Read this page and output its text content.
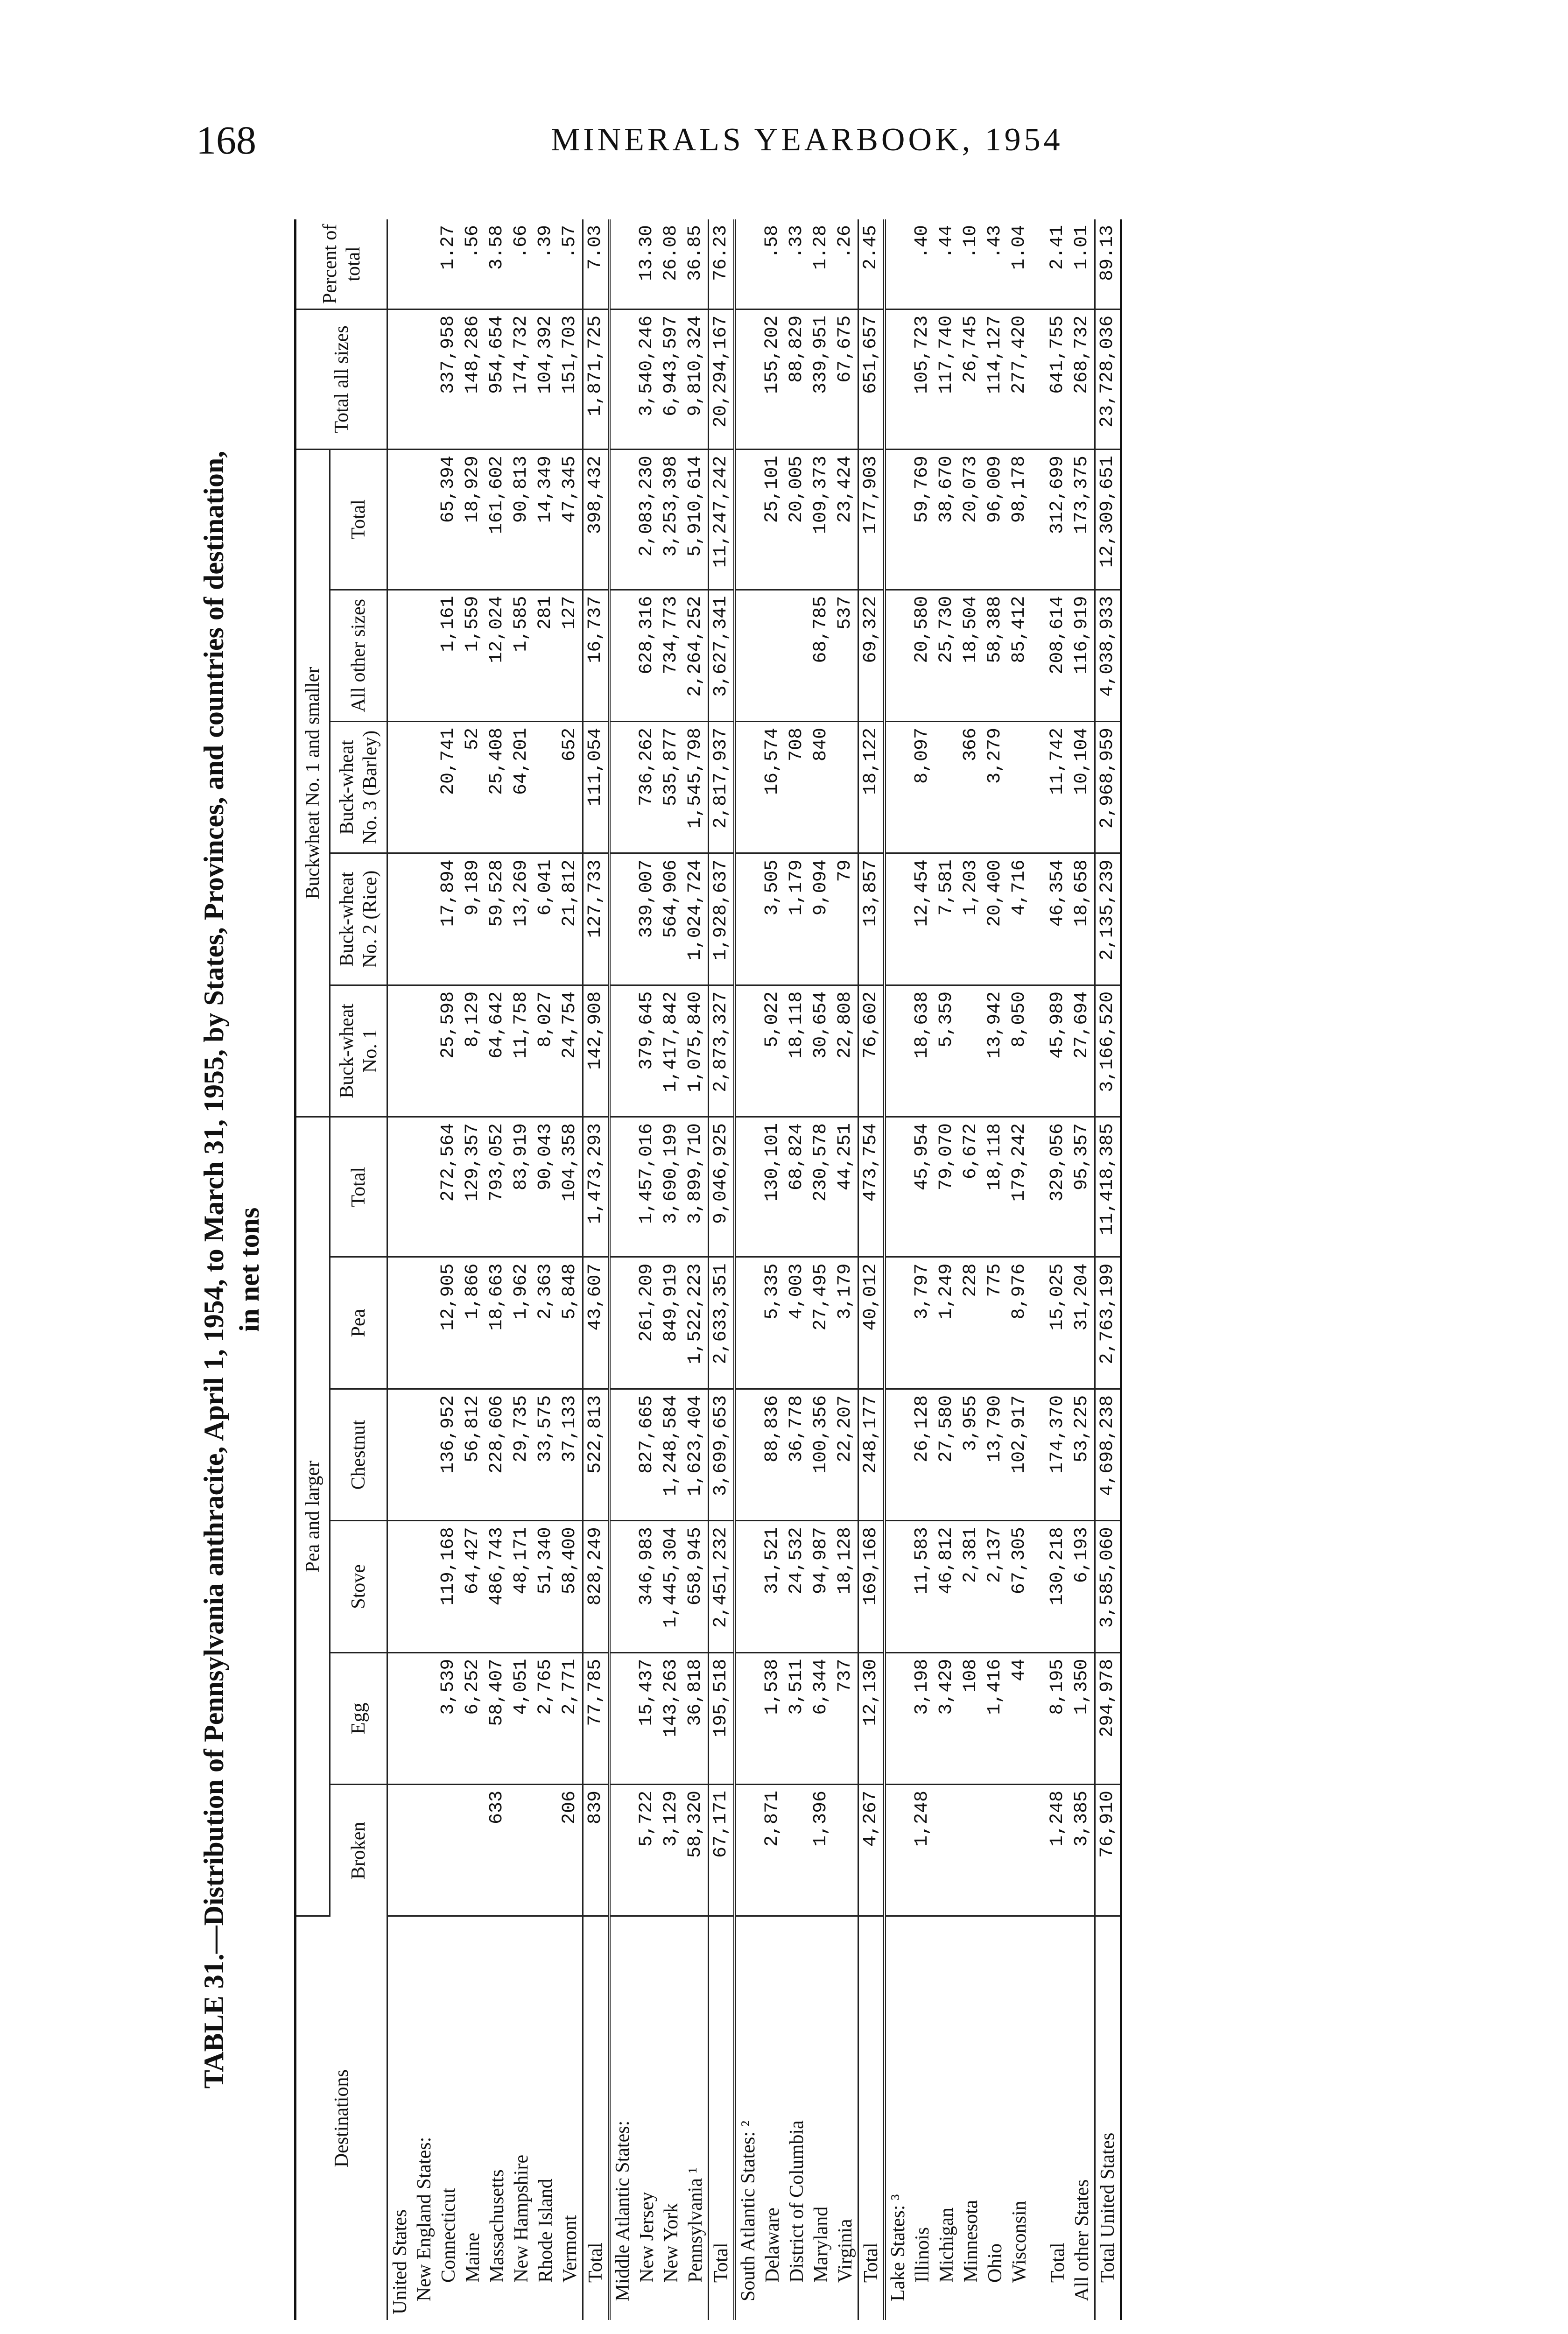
168	MINERALS YEARBOOK, 1954
TABLE 31.—Distribution of Pennsylvania anthracite, April 1, 1954, to March 31, 1955, by States, Provinces, and countries of destination, in net tons
Destinations	Pea and larger						Buckwheat No. 1 and smaller					Total all sizes	Percent of total
	Broken	Egg	Stove	Chestnut	Pea	Total	Buck-wheat No. 1	Buck-wheat No. 2 (Rice)	Buck-wheat No. 3 (Barley)	All other sizes	Total		
United States													
New England States:													
Connecticut		3,539	119,168	136,952	12,905	272,564	25,598	17,894	20,741	1,161	65,394	337,958	1.27
Maine		6,252	64,427	56,812	1,866	129,357	8,129	9,189	52	1,559	18,929	148,286	.56
Massachusetts	633	58,407	486,743	228,606	18,663	793,052	64,642	59,528	25,408	12,024	161,602	954,654	3.58
New Hampshire		4,051	48,171	29,735	1,962	83,919	11,758	13,269	64,201	1,585	90,813	174,732	.66
Rhode Island		2,765	51,340	33,575	2,363	90,043	8,027	6,041		281	14,349	104,392	.39
Vermont	206	2,771	58,400	37,133	5,848	104,358	24,754	21,812	652	127	47,345	151,703	.57
Total	839	77,785	828,249	522,813	43,607	1,473,293	142,908	127,733	111,054	16,737	398,432	1,871,725	7.03
Middle Atlantic States:													
New Jersey	5,722	15,437	346,983	827,665	261,209	1,457,016	379,645	339,007	736,262	628,316	2,083,230	3,540,246	13.30
New York	3,129	143,263	1,445,304	1,248,584	849,919	3,690,199	1,417,842	564,906	535,877	734,773	3,253,398	6,943,597	26.08
Pennsylvania ¹	58,320	36,818	658,945	1,623,404	1,522,223	3,899,710	1,075,840	1,024,724	1,545,798	2,264,252	5,910,614	9,810,324	36.85
Total	67,171	195,518	2,451,232	3,699,653	2,633,351	9,046,925	2,873,327	1,928,637	2,817,937	3,627,341	11,247,242	20,294,167	76.23
South Atlantic States: ²													
Delaware	2,871	1,538	31,521	88,836	5,335	130,101	5,022	3,505	16,574		25,101	155,202	.58
District of Columbia		3,511	24,532	36,778	4,003	68,824	18,118	1,179	708		20,005	88,829	.33
Maryland	1,396	6,344	94,987	100,356	27,495	230,578	30,654	9,094	840	68,785	109,373	339,951	1.28
Virginia		737	18,128	22,207	3,179	44,251	22,808	79		537	23,424	67,675	.26
Total	4,267	12,130	169,168	248,177	40,012	473,754	76,602	13,857	18,122	69,322	177,903	651,657	2.45
Lake States: ³													
Illinois	1,248	3,198	11,583	26,128	3,797	45,954	18,638	12,454	8,097	20,580	59,769	105,723	.40
Michigan		3,429	46,812	27,580	1,249	79,070	5,359	7,581		25,730	38,670	117,740	.44
Minnesota		108	2,381	3,955	228	6,672		1,203	366	18,504	20,073	26,745	.10
Ohio		1,416	2,137	13,790	775	18,118	13,942	20,400	3,279	58,388	96,009	114,127	.43
Wisconsin		44	67,305	102,917	8,976	179,242	8,050	4,716		85,412	98,178	277,420	1.04

Total	1,248	8,195	130,218	174,370	15,025	329,056	45,989	46,354	11,742	208,614	312,699	641,755	2.41
All other States	3,385	1,350	6,193	53,225	31,204	95,357	27,694	18,658	10,104	116,919	173,375	268,732	1.01
Total United States	76,910	294,978	3,585,060	4,698,238	2,763,199	11,418,385	3,166,520	2,135,239	2,968,959	4,038,933	12,309,651	23,728,036	89.13
